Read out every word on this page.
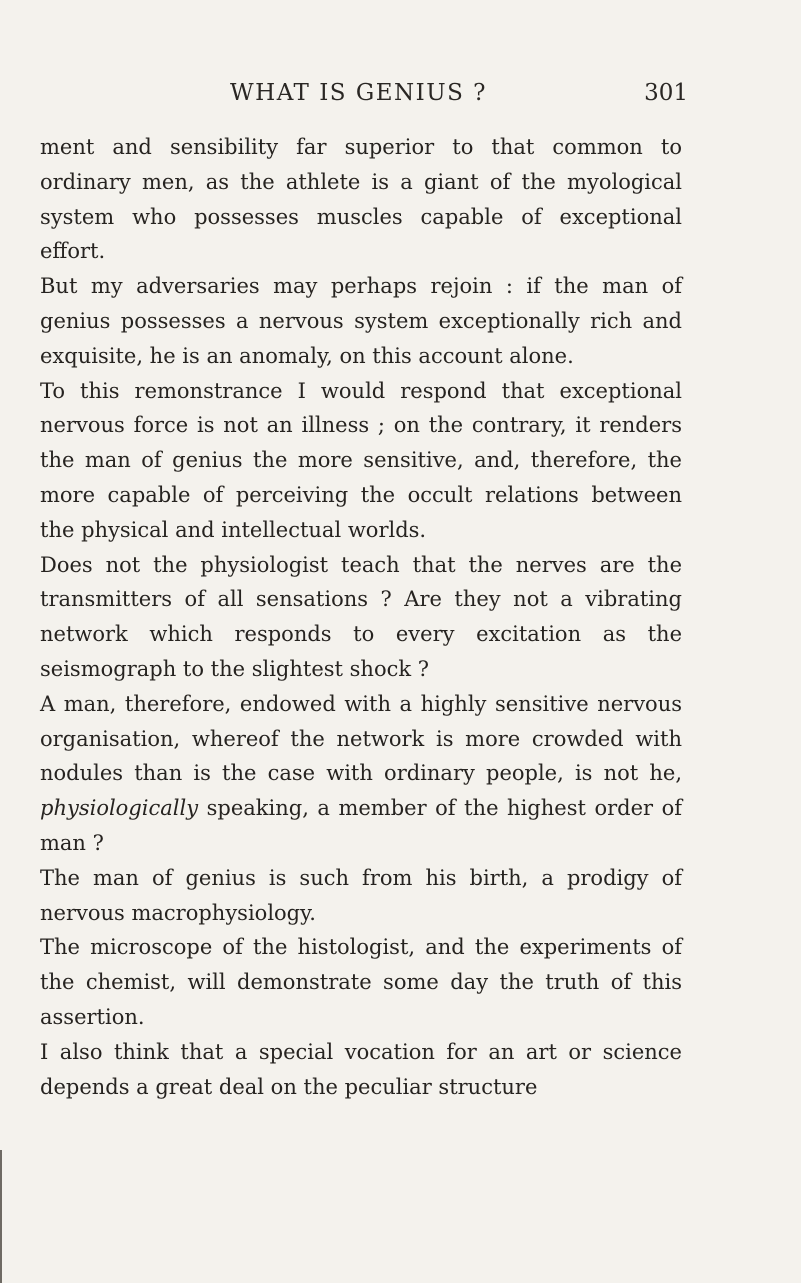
WHAT IS GENIUS ?	301

ment and sensibility far superior to that common to ordinary men, as the athlete is a giant of the myological system who possesses muscles capable of exceptional effort.

But my adversaries may perhaps rejoin : if the man of genius possesses a nervous system exceptionally rich and exquisite, he is an anomaly, on this account alone.

To this remonstrance I would respond that exceptional nervous force is not an illness ; on the contrary, it renders the man of genius the more sensitive, and, therefore, the more capable of perceiving the occult relations between the physical and intellectual worlds.

Does not the physiologist teach that the nerves are the transmitters of all sensations ? Are they not a vibrating network which responds to every excitation as the seismograph to the slightest shock ?

A man, therefore, endowed with a highly sensitive nervous organisation, whereof the network is more crowded with nodules than is the case with ordinary people, is not he, physiologically speaking, a member of the highest order of man ?

The man of genius is such from his birth, a prodigy of nervous macrophysiology.

The microscope of the histologist, and the experiments of the chemist, will demonstrate some day the truth of this assertion.

I also think that a special vocation for an art or science depends a great deal on the peculiar structure
